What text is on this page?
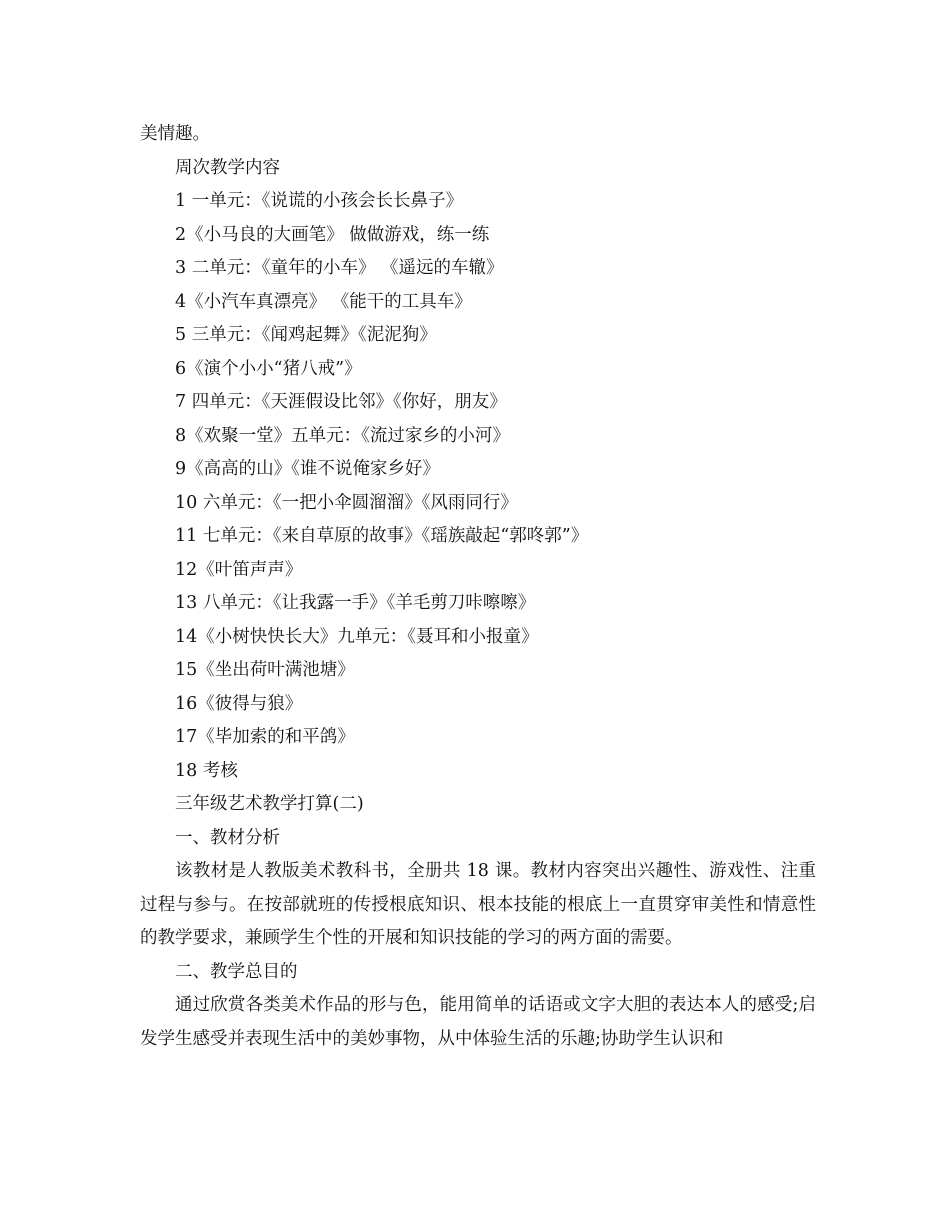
美情趣。

周次教学内容

1 一单元：《说谎的小孩会长长鼻子》

2《小马良的大画笔》 做做游戏，练一练

3 二单元：《童年的小车》 《遥远的车辙》

4《小汽车真漂亮》 《能干的工具车》

5 三单元：《闻鸡起舞》《泥泥狗》

6《演个小小“猪八戒”》

7 四单元：《天涯假设比邻》《你好，朋友》

8《欢聚一堂》五单元：《流过家乡的小河》

9《高高的山》《谁不说俺家乡好》

10 六单元：《一把小伞圆溜溜》《风雨同行》

11 七单元：《来自草原的故事》《瑶族敲起“郭咚郭”》

12《叶笛声声》

13 八单元：《让我露一手》《羊毛剪刀咔嚓嚓》

14《小树快快长大》九单元：《聂耳和小报童》

15《坐出荷叶满池塘》

16《彼得与狼》

17《毕加索的和平鸽》

18 考核

三年级艺术教学打算(二)

一、教材分析

该教材是人教版美术教科书，全册共 18 课。教材内容突出兴趣性、游戏性、注重过程与参与。在按部就班的传授根底知识、根本技能的根底上一直贯穿审美性和情意性的教学要求，兼顾学生个性的开展和知识技能的学习的两方面的需要。

二、教学总目的

通过欣赏各类美术作品的形与色，能用简单的话语或文字大胆的表达本人的感受;启发学生感受并表现生活中的美妙事物，从中体验生活的乐趣;协助学生认识和
